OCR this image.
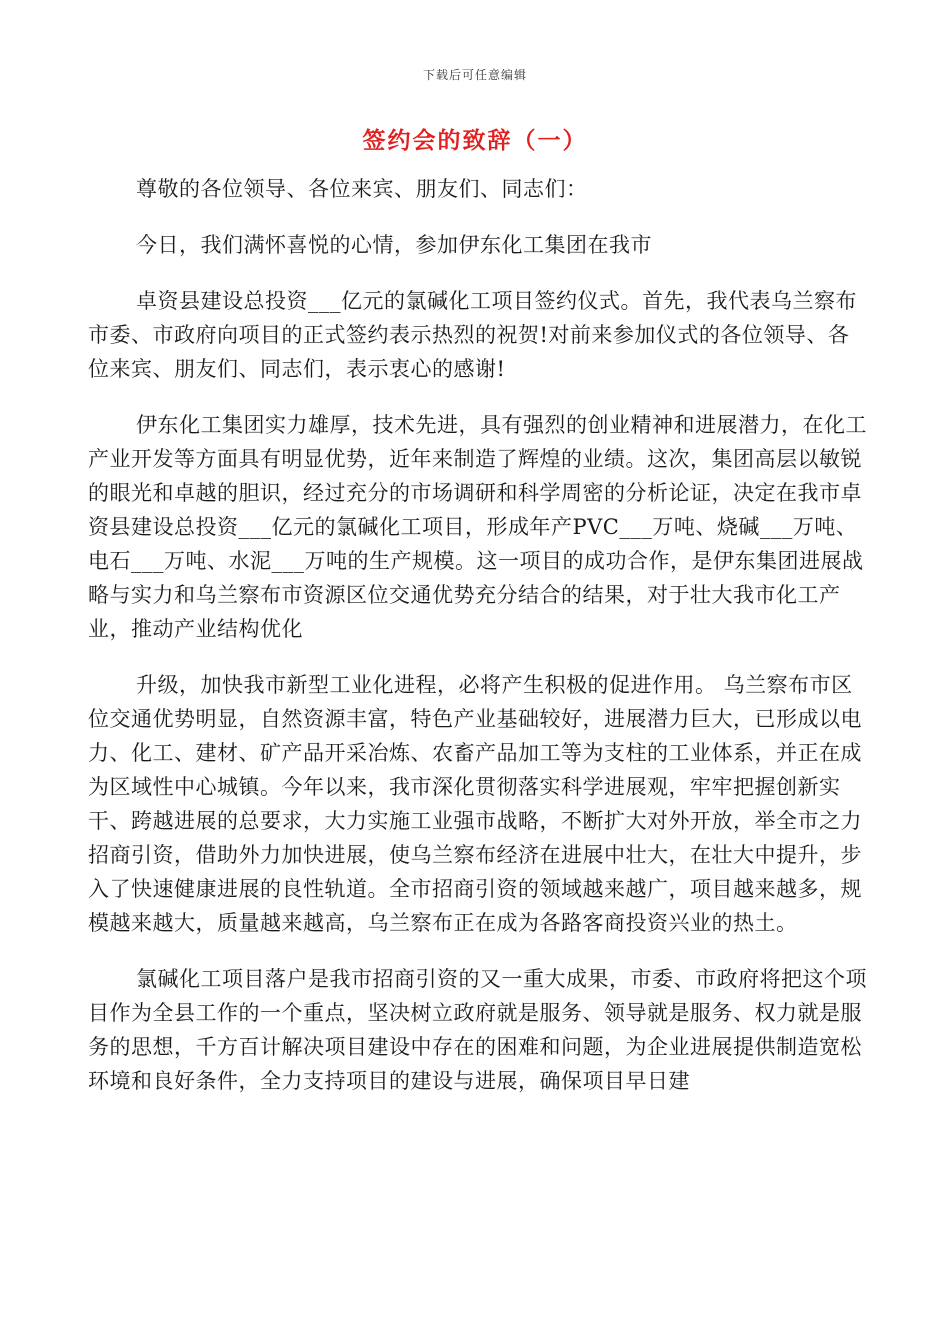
下载后可任意编辑
签约会的致辞（一）

尊敬的各位领导、各位来宾、朋友们、同志们：

今日，我们满怀喜悦的心情，参加伊东化工集团在我市

卓资县建设总投资___亿元的氯碱化工项目签约仪式。首先，我代表乌兰察布市委、市政府向项目的正式签约表示热烈的祝贺!对前来参加仪式的各位领导、各位来宾、朋友们、同志们，表示衷心的感谢!

伊东化工集团实力雄厚，技术先进，具有强烈的创业精神和进展潜力，在化工产业开发等方面具有明显优势，近年来制造了辉煌的业绩。这次，集团高层以敏锐的眼光和卓越的胆识，经过充分的市场调研和科学周密的分析论证，决定在我市卓资县建设总投资___亿元的氯碱化工项目，形成年产PVC___万吨、烧碱___万吨、电石___万吨、水泥___万吨的生产规模。这一项目的成功合作，是伊东集团进展战略与实力和乌兰察布市资源区位交通优势充分结合的结果，对于壮大我市化工产业，推动产业结构优化

升级，加快我市新型工业化进程，必将产生积极的促进作用。 乌兰察布市区位交通优势明显，自然资源丰富，特色产业基础较好，进展潜力巨大，已形成以电力、化工、建材、矿产品开采冶炼、农畜产品加工等为支柱的工业体系，并正在成为区域性中心城镇。今年以来，我市深化贯彻落实科学进展观，牢牢把握创新实干、跨越进展的总要求，大力实施工业强市战略，不断扩大对外开放，举全市之力招商引资，借助外力加快进展，使乌兰察布经济在进展中壮大，在壮大中提升，步入了快速健康进展的良性轨道。全市招商引资的领域越来越广，项目越来越多，规模越来越大，质量越来越高，乌兰察布正在成为各路客商投资兴业的热土。

氯碱化工项目落户是我市招商引资的又一重大成果，市委、市政府将把这个项目作为全县工作的一个重点，坚决树立政府就是服务、领导就是服务、权力就是服务的思想，千方百计解决项目建设中存在的困难和问题，为企业进展提供制造宽松环境和良好条件，全力支持项目的建设与进展，确保项目早日建
